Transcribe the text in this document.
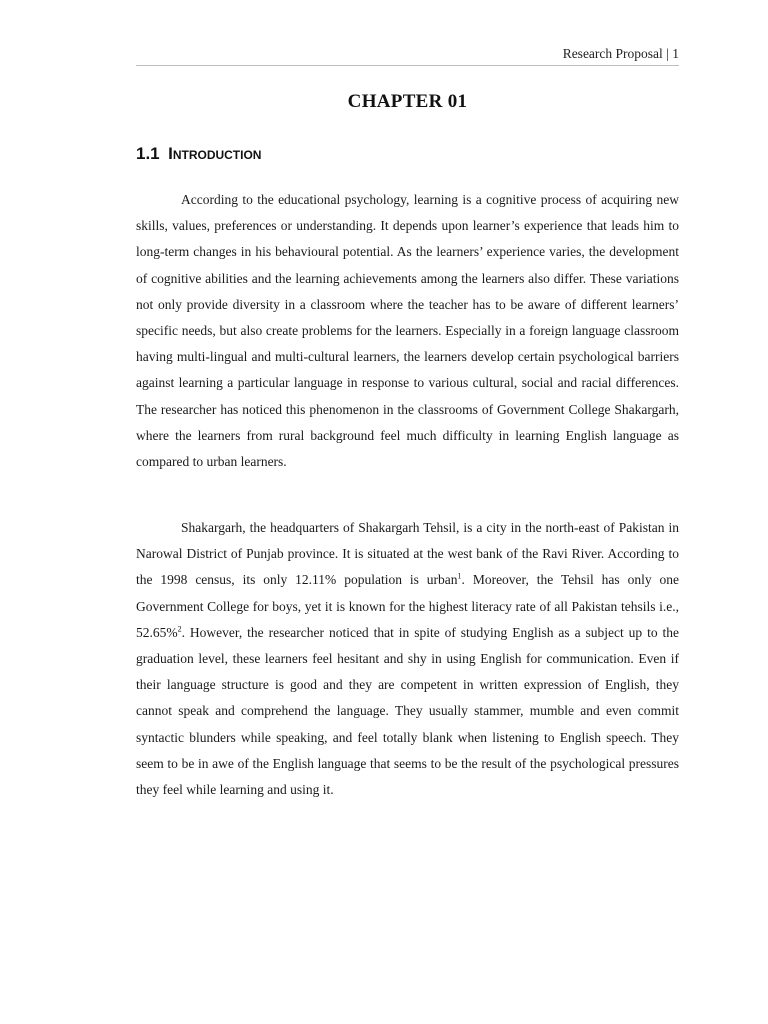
Research Proposal | 1
CHAPTER 01
1.1 Introduction

According to the educational psychology, learning is a cognitive process of acquiring new skills, values, preferences or understanding. It depends upon learner’s experience that leads him to long-term changes in his behavioural potential. As the learners’ experience varies, the development of cognitive abilities and the learning achievements among the learners also differ. These variations not only provide diversity in a classroom where the teacher has to be aware of different learners’ specific needs, but also create problems for the learners. Especially in a foreign language classroom having multi-lingual and multi-cultural learners, the learners develop certain psychological barriers against learning a particular language in response to various cultural, social and racial differences. The researcher has noticed this phenomenon in the classrooms of Government College Shakargarh, where the learners from rural background feel much difficulty in learning English language as compared to urban learners.

Shakargarh, the headquarters of Shakargarh Tehsil, is a city in the north-east of Pakistan in Narowal District of Punjab province. It is situated at the west bank of the Ravi River. According to the 1998 census, its only 12.11% population is urban$^1$. Moreover, the Tehsil has only one Government College for boys, yet it is known for the highest literacy rate of all Pakistan tehsils i.e., 52.65%$^2$. However, the researcher noticed that in spite of studying English as a subject up to the graduation level, these learners feel hesitant and shy in using English for communication. Even if their language structure is good and they are competent in written expression of English, they cannot speak and comprehend the language. They usually stammer, mumble and even commit syntactic blunders while speaking, and feel totally blank when listening to English speech. They seem to be in awe of the English language that seems to be the result of the psychological pressures they feel while learning and using it.
